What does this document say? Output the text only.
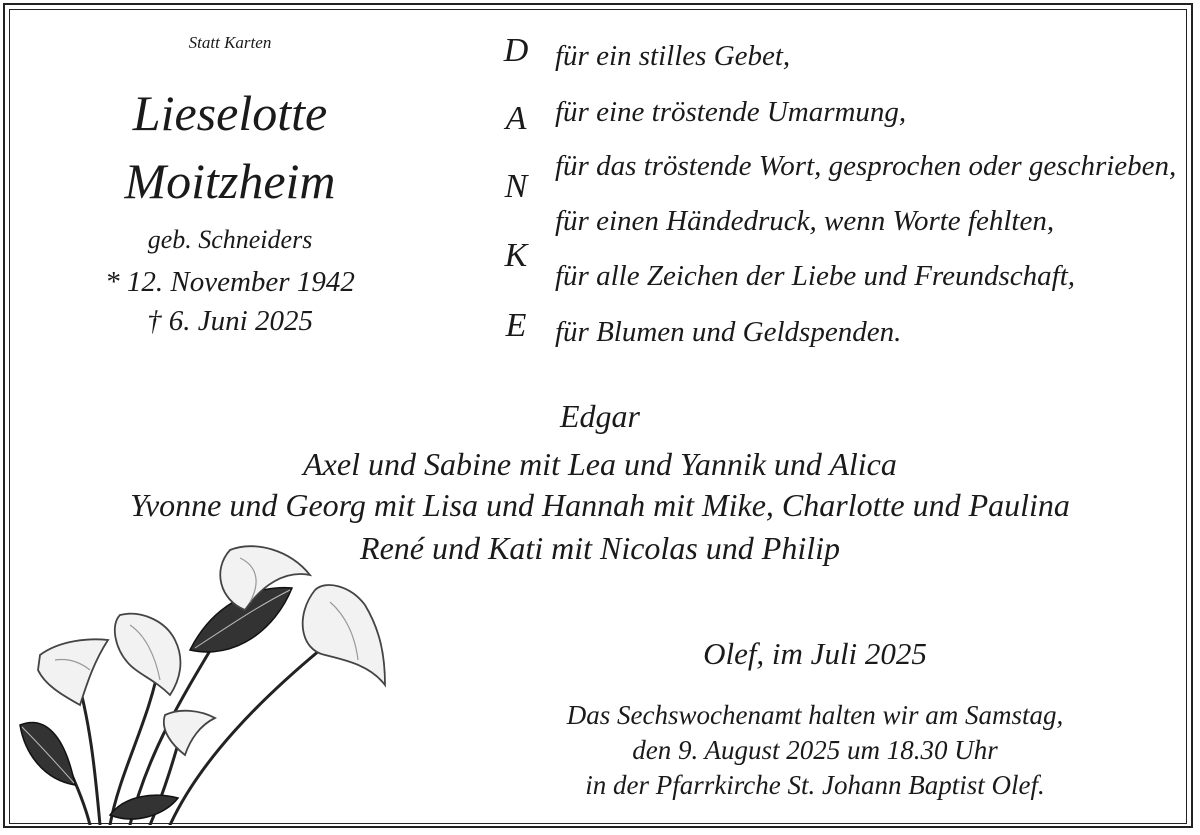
Statt Karten
Lieselotte
Moitzheim
geb. Schneiders
* 12. November 1942
† 6. Juni 2025
D
A
N
K
E
für ein stilles Gebet,
für eine tröstende Umarmung,
für das tröstende Wort, gesprochen oder geschrieben,
für einen Händedruck, wenn Worte fehlten,
für alle Zeichen der Liebe und Freundschaft,
für Blumen und Geldspenden.
Edgar
Axel und Sabine mit Lea und Yannik und Alica
Yvonne und Georg mit Lisa und Hannah mit Mike, Charlotte und Paulina
René und Kati mit Nicolas und Philip
Olef, im Juli 2025
Das Sechswochenamt halten wir am Samstag,
den 9. August 2025 um 18.30 Uhr
in der Pfarrkirche St. Johann Baptist Olef.
